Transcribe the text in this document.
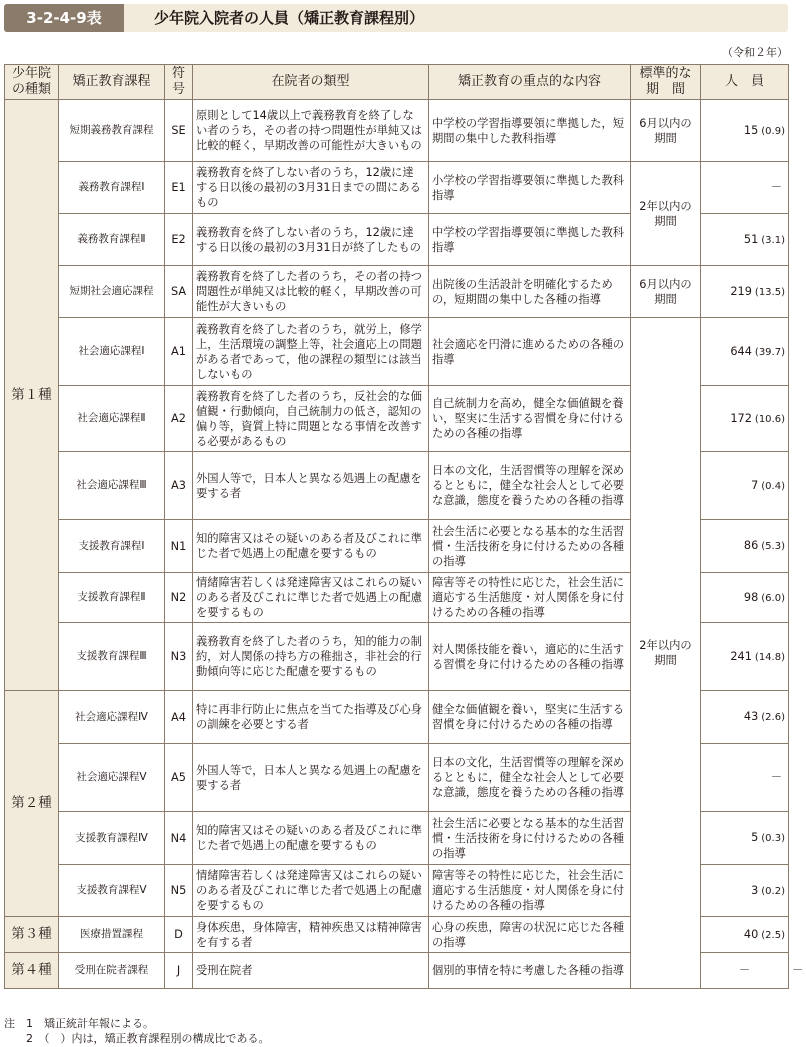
3-2-4-9表	少年院入院者の人員（矯正教育課程別）
（令和２年）
少年院の種類	矯正教育課程	符号	在院者の類型	矯正教育の重点的な内容	標準的な期　間	人　員	
第１種	短期義務教育課程	SE	原則として14歳以上で義務教育を終了しない者のうち，その者の持つ問題性が単純又は比較的軽く，早期改善の可能性が大きいもの	中学校の学習指導要領に準拠した，短期間の集中した教科指導	6月以内の期間	15 (0.9)	
	義務教育課程Ⅰ	E1	義務教育を終了しない者のうち，12歳に達する日以後の最初の3月31日までの間にあるもの	小学校の学習指導要領に準拠した教科指導	2年以内の期間	－	
	義務教育課程Ⅱ	E2	義務教育を終了しない者のうち，12歳に達する日以後の最初の3月31日が終了したもの	中学校の学習指導要領に準拠した教科指導		51 (3.1)	
	短期社会適応課程	SA	義務教育を終了した者のうち，その者の持つ問題性が単純又は比較的軽く，早期改善の可能性が大きいもの	出院後の生活設計を明確化するための，短期間の集中した各種の指導	6月以内の期間	219 (13.5)	
	社会適応課程Ⅰ	A1	義務教育を終了した者のうち，就労上，修学上，生活環境の調整上等，社会適応上の問題がある者であって，他の課程の類型には該当しないもの	社会適応を円滑に進めるための各種の指導	2年以内の期間	644 (39.7)	
	社会適応課程Ⅱ	A2	義務教育を終了した者のうち，反社会的な価値観・行動傾向，自己統制力の低さ，認知の偏り等，資質上特に問題となる事情を改善する必要があるもの	自己統制力を高め，健全な価値観を養い，堅実に生活する習慣を身に付けるための各種の指導		172 (10.6)	
	社会適応課程Ⅲ	A3	外国人等で，日本人と異なる処遇上の配慮を要する者	日本の文化，生活習慣等の理解を深めるとともに，健全な社会人として必要な意識，態度を養うための各種の指導		7 (0.4)	
	支援教育課程Ⅰ	N1	知的障害又はその疑いのある者及びこれに準じた者で処遇上の配慮を要するもの	社会生活に必要となる基本的な生活習慣・生活技術を身に付けるための各種の指導		86 (5.3)	
	支援教育課程Ⅱ	N2	情緒障害若しくは発達障害又はこれらの疑いのある者及びこれに準じた者で処遇上の配慮を要するもの	障害等その特性に応じた，社会生活に適応する生活態度・対人関係を身に付けるための各種の指導		98 (6.0)	
	支援教育課程Ⅲ	N3	義務教育を終了した者のうち，知的能力の制約，対人関係の持ち方の稚拙さ，非社会的行動傾向等に応じた配慮を要するもの	対人関係技能を養い，適応的に生活する習慣を身に付けるための各種の指導		241 (14.8)	
第２種	社会適応課程Ⅳ	A4	特に再非行防止に焦点を当てた指導及び心身の訓練を必要とする者	健全な価値観を養い，堅実に生活する習慣を身に付けるための各種の指導		43 (2.6)	
	社会適応課程Ⅴ	A5	外国人等で，日本人と異なる処遇上の配慮を要する者	日本の文化，生活習慣等の理解を深めるとともに，健全な社会人として必要な意識，態度を養うための各種の指導		－	
	支援教育課程Ⅳ	N4	知的障害又はその疑いのある者及びこれに準じた者で処遇上の配慮を要するもの	社会生活に必要となる基本的な生活習慣・生活技術を身に付けるための各種の指導		5 (0.3)	
	支援教育課程Ⅴ	N5	情緒障害若しくは発達障害又はこれらの疑いのある者及びこれに準じた者で処遇上の配慮を要するもの	障害等その特性に応じた，社会生活に適応する生活態度・対人関係を身に付けるための各種の指導		3 (0.2)	
第３種	医療措置課程	D	身体疾患，身体障害，精神疾患又は精神障害を有する者	心身の疾患，障害の状況に応じた各種の指導		40 (2.5)	
第４種	受刑在院者課程	J	受刑在院者	個別的事情を特に考慮した各種の指導		－	－
注　1　矯正統計年報による。
　　2　（　）内は，矯正教育課程別の構成比である。
